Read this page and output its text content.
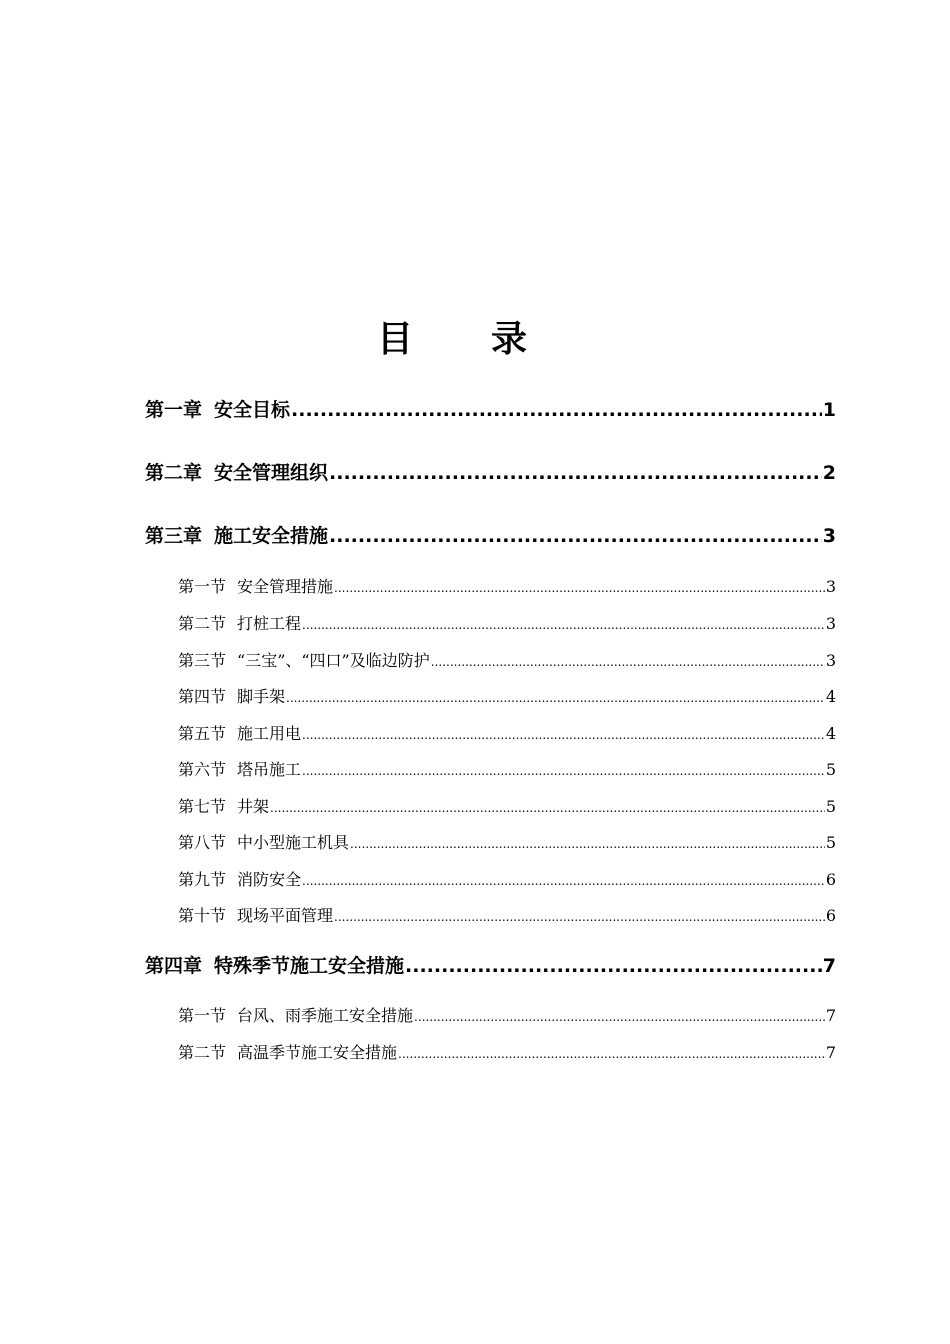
目录
第一章 安全目标 .....	1
第二章 安全管理组织 .....	2
第三章 施工安全措施 .....	3
第一节 安全管理措施 .....	3
第二节 打桩工程 .....	3
第三节 “三宝”、“四口”及临边防护 .....	3
第四节 脚手架 .....	4
第五节 施工用电 .....	4
第六节 塔吊施工 .....	5
第七节 井架 .....	5
第八节 中小型施工机具 .....	5
第九节 消防安全 .....	6
第十节 现场平面管理 .....	6
第四章 特殊季节施工安全措施 .....	7
第一节 台风、雨季施工安全措施 .....	7
第二节 高温季节施工安全措施 .....	7
